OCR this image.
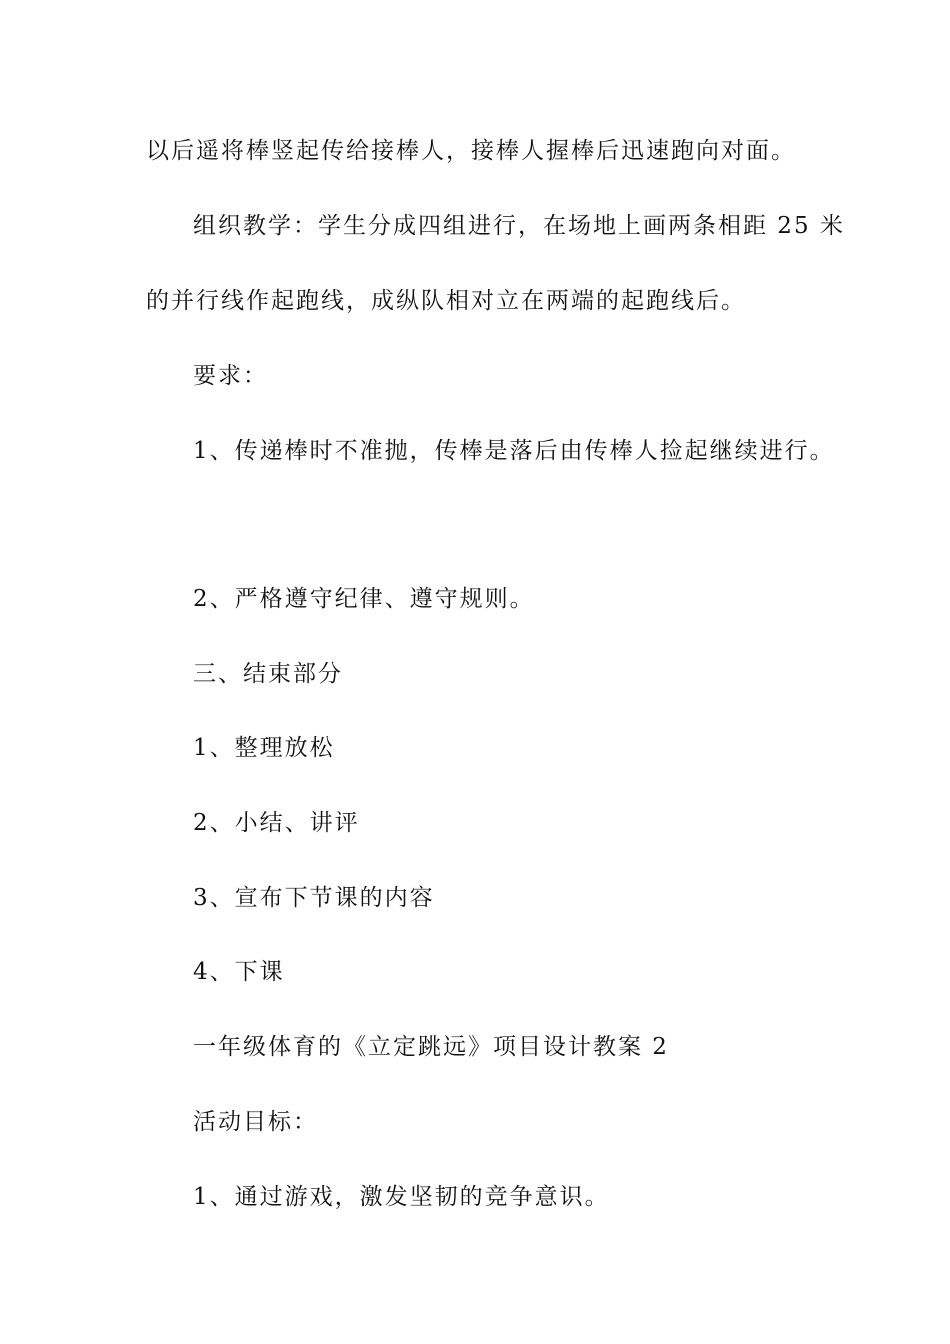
以后遥将棒竖起传给接棒人，接棒人握棒后迅速跑向对面。
组织教学：学生分成四组进行，在场地上画两条相距 25 米
的并行线作起跑线，成纵队相对立在两端的起跑线后。
要求：
1、传递棒时不准抛，传棒是落后由传棒人捡起继续进行。
2、严格遵守纪律、遵守规则。
三、结束部分
1、整理放松
2、小结、讲评
3、宣布下节课的内容
4、下课
一年级体育的《立定跳远》项目设计教案 2
活动目标：
1、通过游戏，激发坚韧的竞争意识。
